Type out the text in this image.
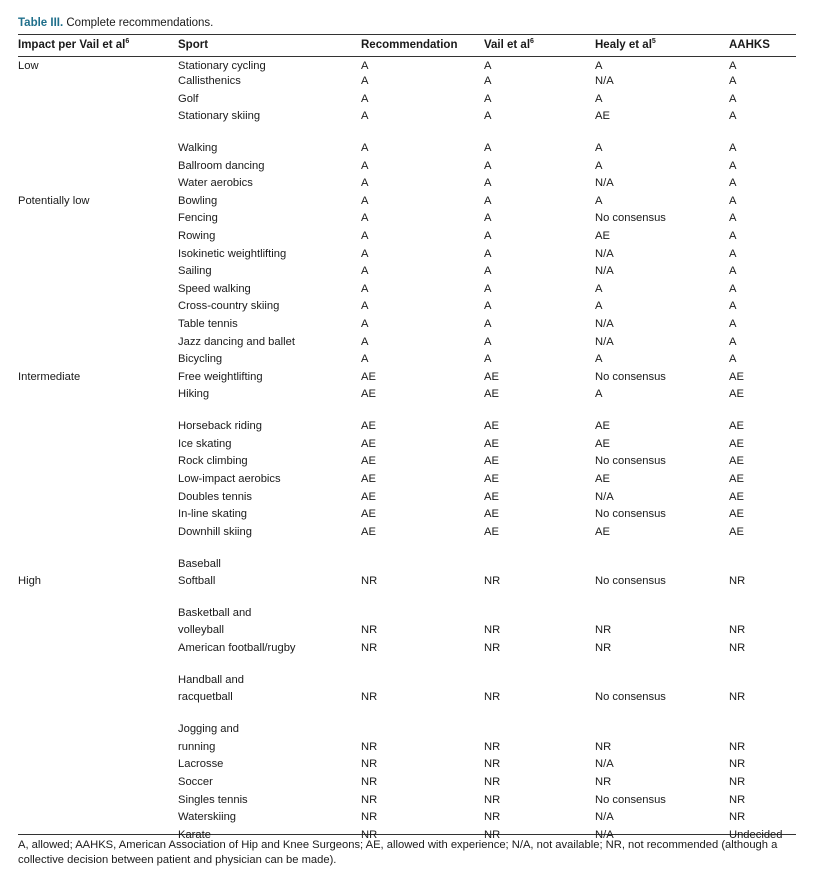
Table III. Complete recommendations.
Impact per Vail et $al^6$	Sport	Recommendation	Vail et $al^6$	Healy et $al^5$	AAHKS
Low	Stationary cycling	A	A	A	A
	Callisthenics	A	A	N/A	A
	Golf	A	A	A	A
	Stationary skiing	A	A	AE	A

	Walking	A	A	A	A
	Ballroom dancing	A	A	A	A
	Water aerobics	A	A	N/A	A
Potentially low	Bowling	A	A	A	A
	Fencing	A	A	No consensus	A
	Rowing	A	A	AE	A
	Isokinetic weightlifting	A	A	N/A	A
	Sailing	A	A	N/A	A
	Speed walking	A	A	A	A
	Cross-country skiing	A	A	A	A
	Table tennis	A	A	N/A	A
	Jazz dancing and ballet	A	A	N/A	A
	Bicycling	A	A	A	A
Intermediate	Free weightlifting	AE	AE	No consensus	AE
	Hiking	AE	AE	A	AE

	Horseback riding	AE	AE	AE	AE
	Ice skating	AE	AE	AE	AE
	Rock climbing	AE	AE	No consensus	AE
	Low-impact aerobics	AE	AE	AE	AE
	Doubles tennis	AE	AE	N/A	AE
	In-line skating	AE	AE	No consensus	AE
	Downhill skiing	AE	AE	AE	AE

	Baseball				
High	Softball	NR	NR	No consensus	NR

	Basketball and				
	volleyball	NR	NR	NR	NR
	American football/rugby	NR	NR	NR	NR

	Handball and				
	racquetball	NR	NR	No consensus	NR

	Jogging and				
	running	NR	NR	NR	NR
	Lacrosse	NR	NR	N/A	NR
	Soccer	NR	NR	NR	NR
	Singles tennis	NR	NR	No consensus	NR
	Waterskiing	NR	NR	N/A	NR
	Karate	NR	NR	N/A	Undecided
A, allowed; AAHKS, American Association of Hip and Knee Surgeons; AE, allowed with experience; N/A, not available; NR, not recommended (although a collective decision between patient and physician can be made).
